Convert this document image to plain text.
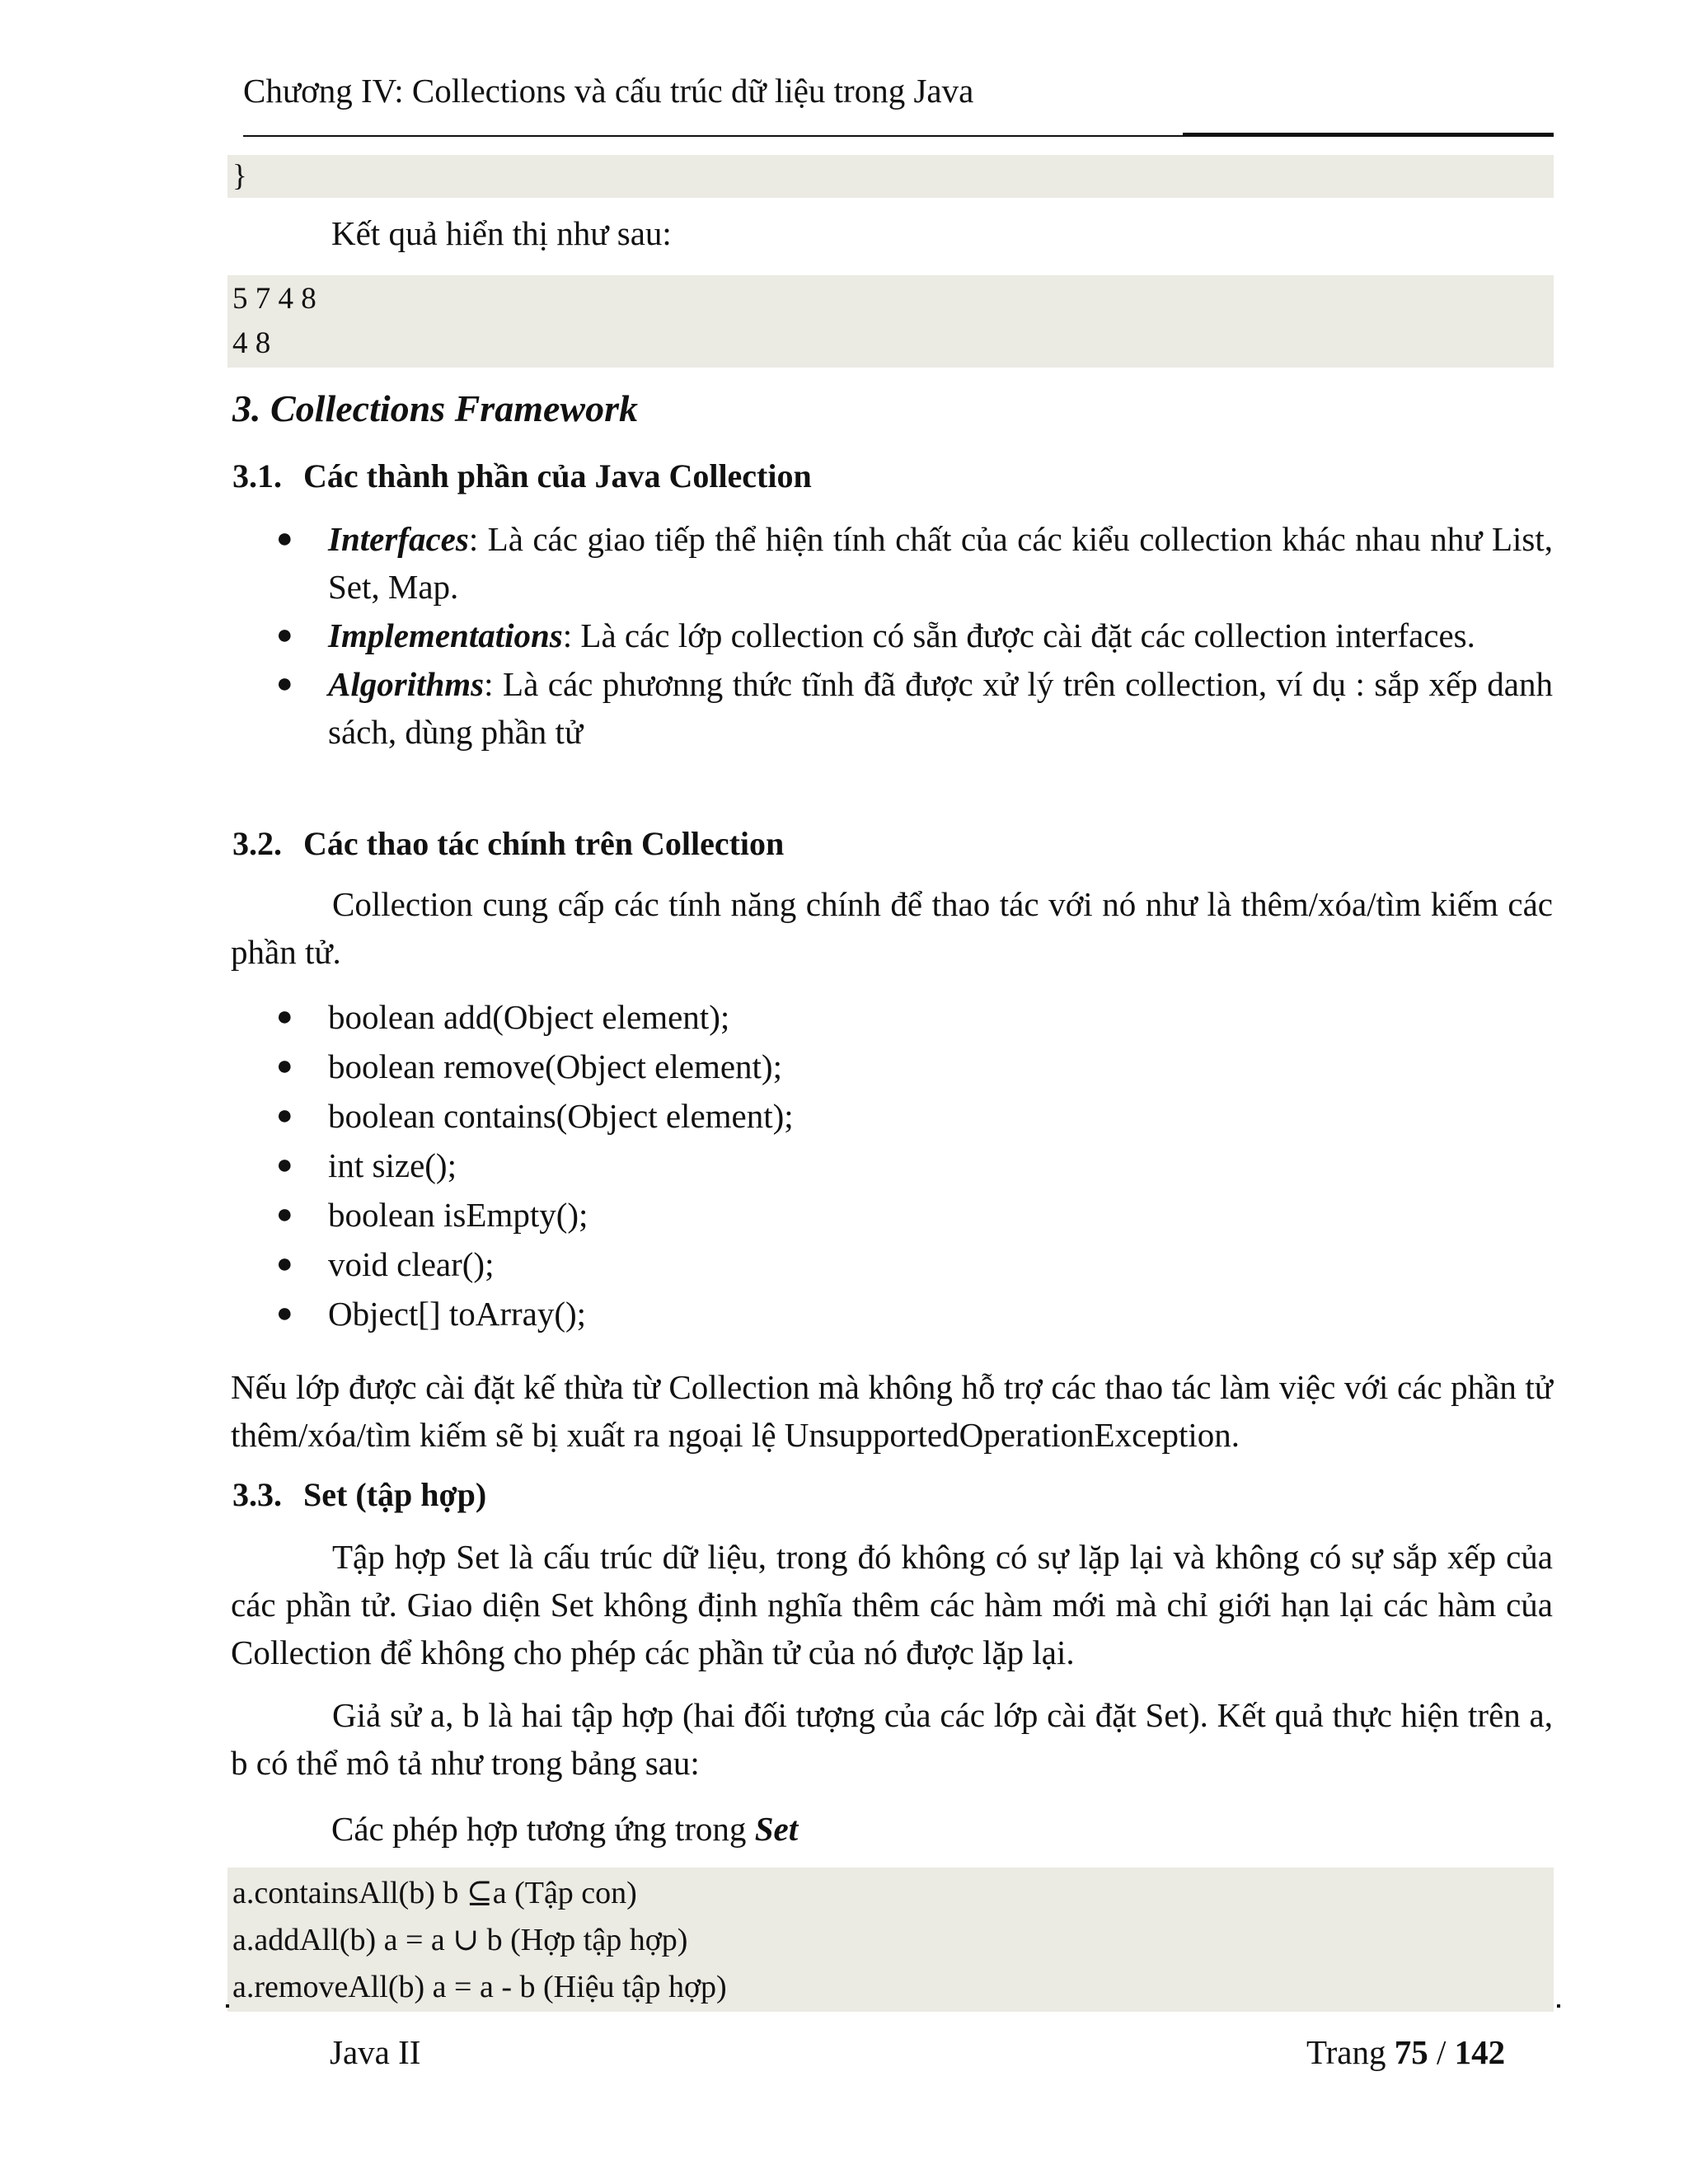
Chương IV: Collections và cấu trúc dữ liệu trong Java
}
Kết quả hiển thị như sau:
5 7 4 8
4 8
3. Collections Framework
3.1. Các thành phần của Java Collection
● Interfaces: Là các giao tiếp thể hiện tính chất của các kiểu collection khác nhau như List, Set, Map.
● Implementations: Là các lớp collection có sẵn được cài đặt các collection interfaces.
● Algorithms: Là các phươnng thức tĩnh đã được xử lý trên collection, ví dụ : sắp xếp danh sách, dùng phần tử
3.2. Các thao tác chính trên Collection
Collection cung cấp các tính năng chính để thao tác với nó như là thêm/xóa/tìm kiếm các phần tử.
● boolean add(Object element);
● boolean remove(Object element);
● boolean contains(Object element);
● int size();
● boolean isEmpty();
● void clear();
● Object[] toArray();
Nếu lớp được cài đặt kế thừa từ Collection mà không hỗ trợ các thao tác làm việc với các phần tử thêm/xóa/tìm kiếm sẽ bị xuất ra ngoại lệ UnsupportedOperationException.
3.3. Set (tập hợp)
Tập hợp Set là cấu trúc dữ liệu, trong đó không có sự lặp lại và không có sự sắp xếp của các phần tử. Giao diện Set không định nghĩa thêm các hàm mới mà chỉ giới hạn lại các hàm của Collection để không cho phép các phần tử của nó được lặp lại.
Giả sử a, b là hai tập hợp (hai đối tượng của các lớp cài đặt Set). Kết quả thực hiện trên a, b có thể mô tả như trong bảng sau:
Các phép hợp tương ứng trong Set
a.containsAll(b) b ⊆a (Tập con)
a.addAll(b) a = a ∪ b (Hợp tập hợp)
a.removeAll(b) a = a - b (Hiệu tập hợp)
Java II	Trang 75 / 142
